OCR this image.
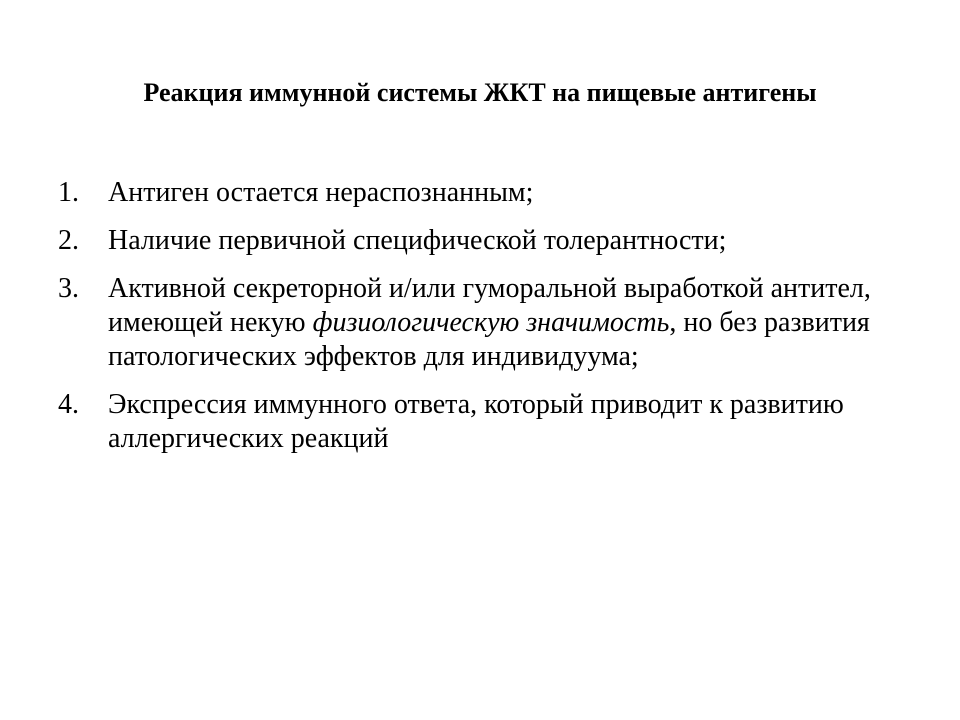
Реакция иммунной системы ЖКТ на пищевые антигены
1.	Антиген остается нераспознанным;
2.	Наличие первичной специфической толерантности;
3.	Активной секреторной и/или гуморальной выработкой антител, имеющей некую физиологическую значимость, но без развития патологических эффектов для индивидуума;
4.	Экспрессия иммунного ответа, который приводит к развитию аллергических реакций
